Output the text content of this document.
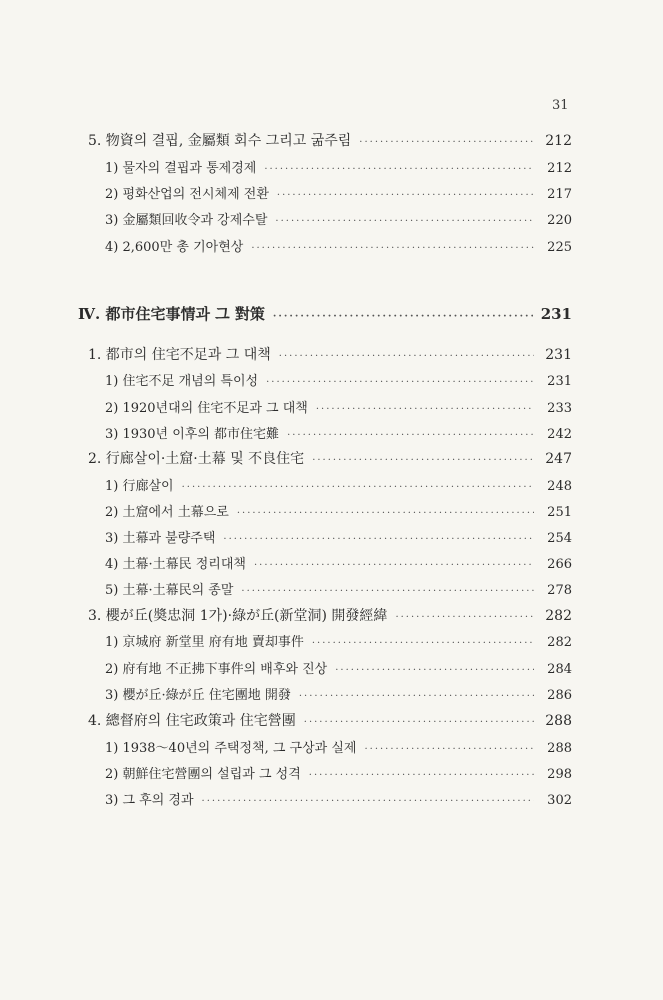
31
5. 物資의 결핍, 金屬類 회수 그리고 굶주림 ·····	212
1) 물자의 결핍과 통제경제 ·····	212
2) 평화산업의 전시체제 전환 ·····	217
3) 金屬類回收令과 강제수탈 ·····	220
4) 2,600만 총 기아현상 ·····	225
Ⅳ. 都市住宅事情과 그 對策 ·····	231
1. 都市의 住宅不足과 그 대책 ·····	231
1) 住宅不足 개념의 특이성 ·····	231
2) 1920년대의 住宅不足과 그 대책 ·····	233
3) 1930년 이후의 都市住宅難 ·····	242
2. 行廊살이·土窟·土幕 및 不良住宅 ·····	247
1) 行廊살이 ·····	248
2) 土窟에서 土幕으로 ·····	251
3) 土幕과 불량주택 ·····	254
4) 土幕·土幕民 정리대책 ·····	266
5) 土幕·土幕民의 종말 ·····	278
3. 櫻が丘(奬忠洞 1가)·綠が丘(新堂洞) 開發經緯 ·····	282
1) 京城府 新堂里 府有地 賣却事件 ·····	282
2) 府有地 不正拂下事件의 배후와 진상 ·····	284
3) 櫻が丘·綠が丘 住宅團地 開發 ·····	286
4. 總督府의 住宅政策과 住宅營團 ·····	288
1) 1938～40년의 주택정책, 그 구상과 실제 ·····	288
2) 朝鮮住宅營團의 설립과 그 성격 ·····	298
3) 그 후의 경과 ·····	302
